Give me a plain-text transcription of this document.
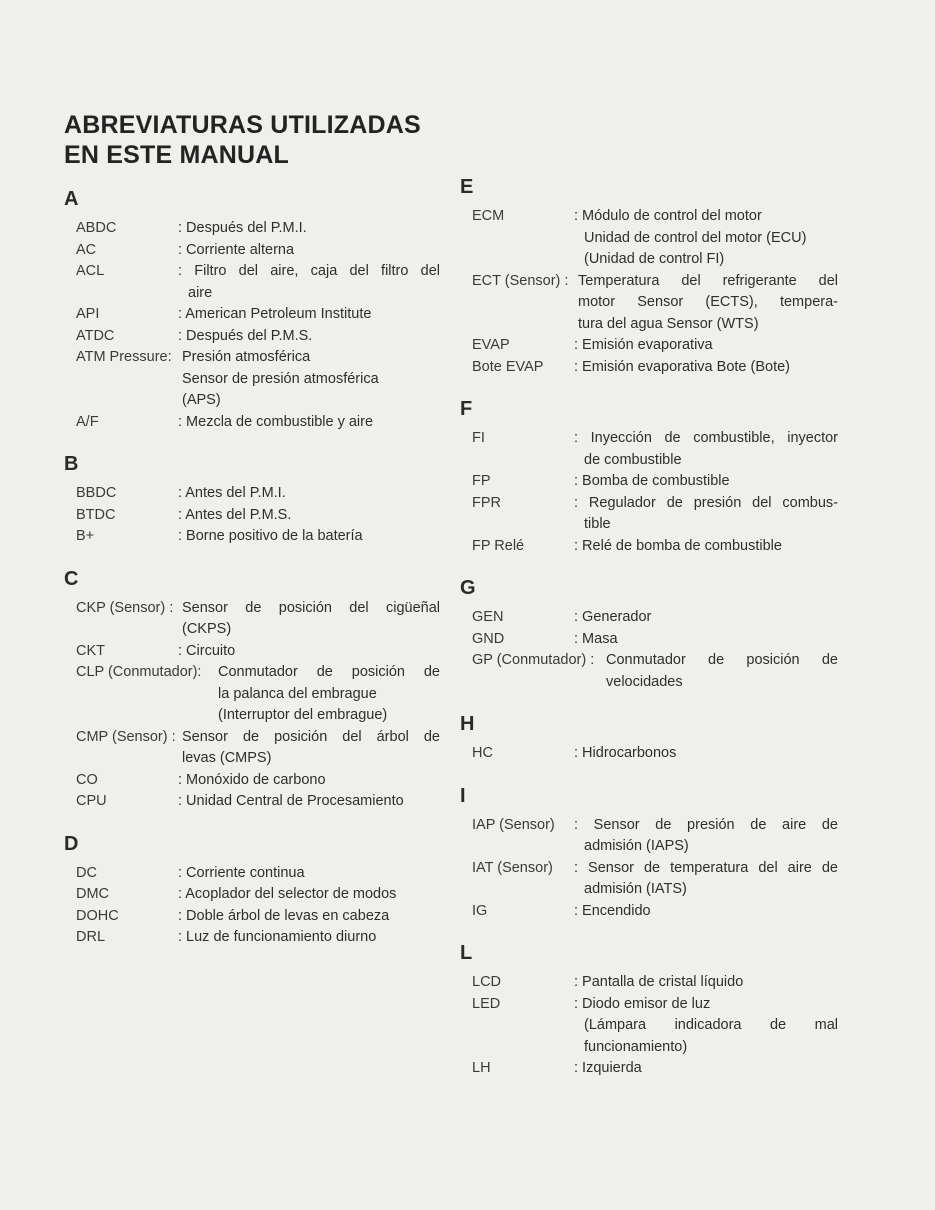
ABREVIATURAS UTILIZADAS
EN ESTE MANUAL
A
ABDC	: Después del P.M.I.
AC	: Corriente alterna
ACL	: Filtro del aire, caja del filtro del
aire
API	: American Petroleum Institute
ATDC	: Después del P.M.S.
ATM Pressure: Presión atmosférica
Sensor de presión atmosférica
(APS)
A/F	: Mezcla de combustible y aire
B
BBDC	: Antes del P.M.I.
BTDC	: Antes del P.M.S.
B+	: Borne positivo de la batería
C
CKP (Sensor) : Sensor de posición del cigüeñal
(CKPS)
CKT	: Circuito
CLP (Conmutador):	Conmutador de posición de
la palanca del embrague
(Interruptor del embrague)
CMP (Sensor) : Sensor de posición del árbol de
levas (CMPS)
CO	: Monóxido de carbono
CPU	: Unidad Central de Procesamiento
D
DC	: Corriente continua
DMC	: Acoplador del selector de modos
DOHC	: Doble árbol de levas en cabeza
DRL	: Luz de funcionamiento diurno
E
ECM	: Módulo de control del motor
Unidad de control del motor (ECU)
(Unidad de control FI)
ECT (Sensor) : Temperatura del refrigerante del
motor Sensor (ECTS), tempera-
tura del agua Sensor (WTS)
EVAP	: Emisión evaporativa
Bote EVAP	: Emisión evaporativa Bote (Bote)
F
FI	: Inyección de combustible, inyector
de combustible
FP	: Bomba de combustible
FPR	: Regulador de presión del combus-
tible
FP Relé	: Relé de bomba de combustible
G
GEN	: Generador
GND	: Masa
GP (Conmutador) : Conmutador de posición de
velocidades
H
HC	: Hidrocarbonos
I
IAP (Sensor)	: Sensor de presión de aire de
admisión (IAPS)
IAT (Sensor)	: Sensor de temperatura del aire de
admisión (IATS)
IG	: Encendido
L
LCD	: Pantalla de cristal líquido
LED	: Diodo emisor de luz
(Lámpara indicadora de mal
funcionamiento)
LH	: Izquierda
